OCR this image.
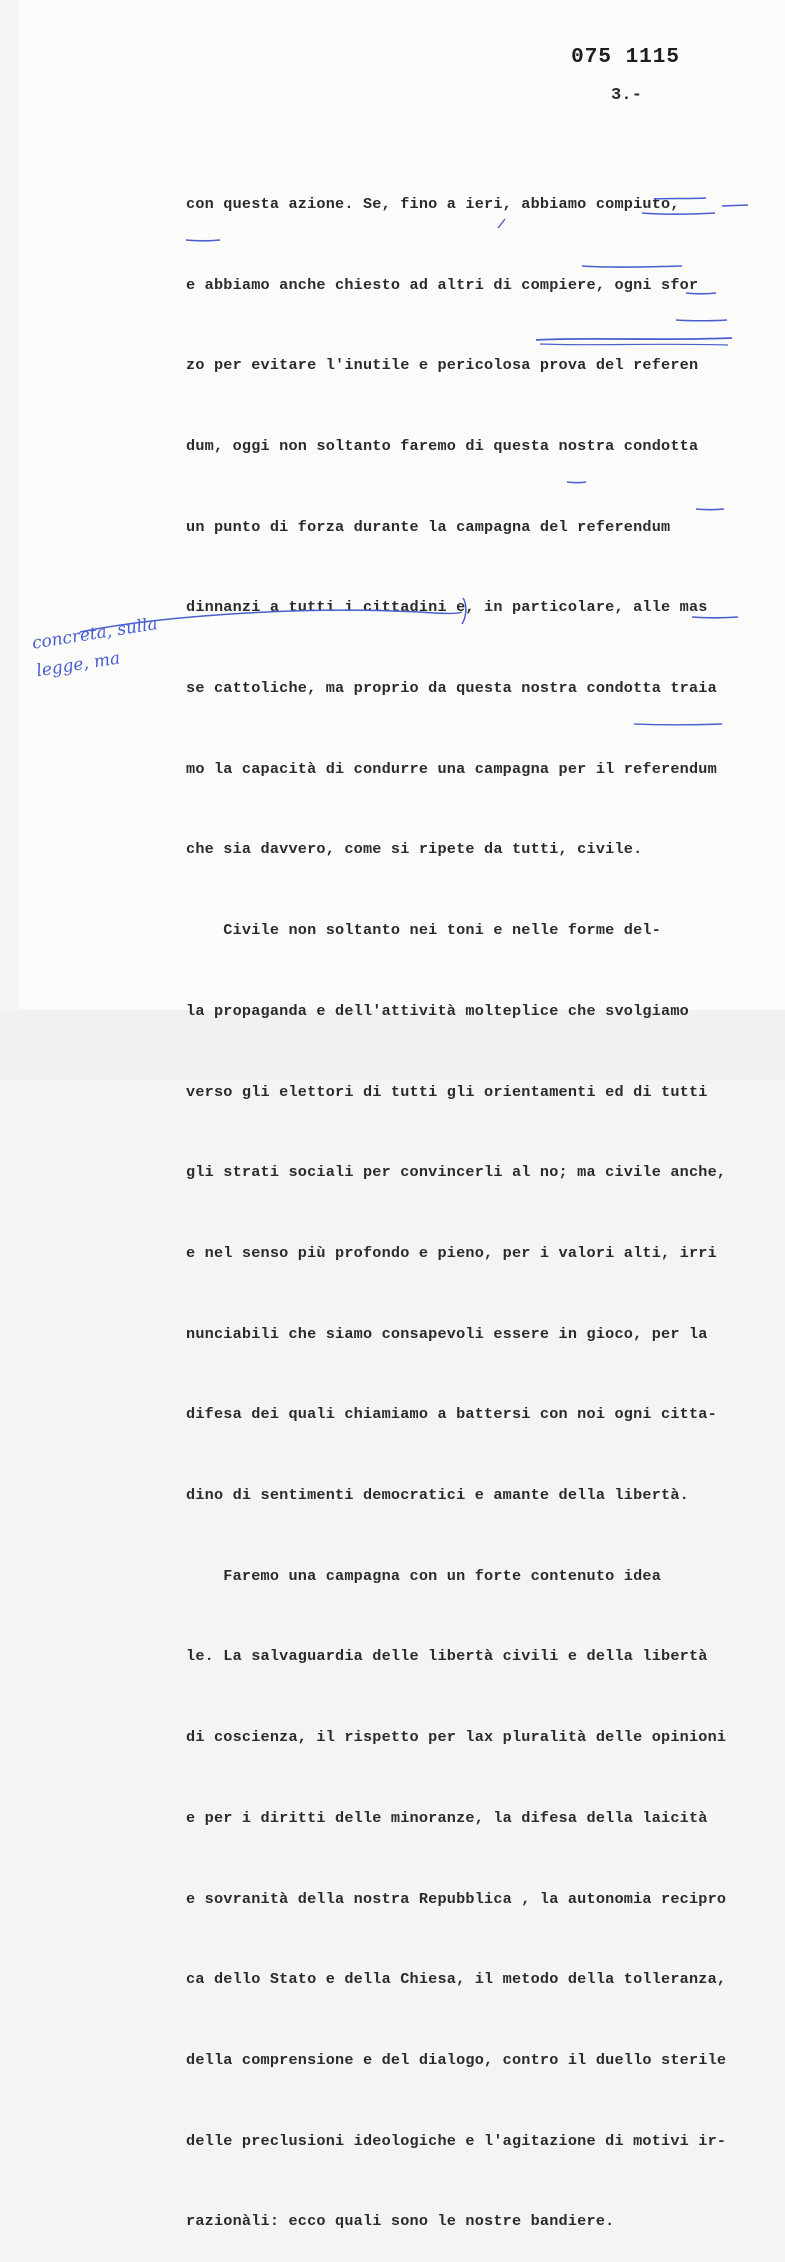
075 1115
3.-

con questa azione. Se, fino a ieri, abbiamo compiuto,

e abbiamo anche chiesto ad altri di compiere, ogni sfor

zo per evitare l'inutile e pericolosa prova del referen

dum, oggi non soltanto faremo di questa nostra condotta

un punto di forza durante la campagna del referendum

dinnanzi a tutti i cittadini e, in particolare, alle mas

se cattoliche, ma proprio da questa nostra condotta traia

mo la capacità di condurre una campagna per il referendum

che sia davvero, come si ripete da tutti, civile.

Civile non soltanto nei toni e nelle forme del-

la propaganda e dell'attività molteplice che svolgiamo

verso gli elettori di tutti gli orientamenti ed di tutti

gli strati sociali per convincerli al no; ma civile anche,

e nel senso più profondo e pieno, per i valori alti, irri

nunciabili che siamo consapevoli essere in gioco, per la

difesa dei quali chiamiamo a battersi con noi ogni citta-

dino di sentimenti democratici e amante della libertà.

Faremo una campagna con un forte contenuto idea

le. La salvaguardia delle libertà civili e della libertà

di coscienza, il rispetto per lax pluralità delle opinioni

e per i diritti delle minoranze, la difesa della laicità

e sovranità della nostra Repubblica , la autonomia recipro

ca dello Stato e della Chiesa, il metodo della tolleranza,

della comprensione e del dialogo, contro il duello sterile

delle preclusioni ideologiche e l'agitazione di motivi ir-

razionàli: ecco quali sono le nostre bandiere.

concreta, sulla
legge, ma
